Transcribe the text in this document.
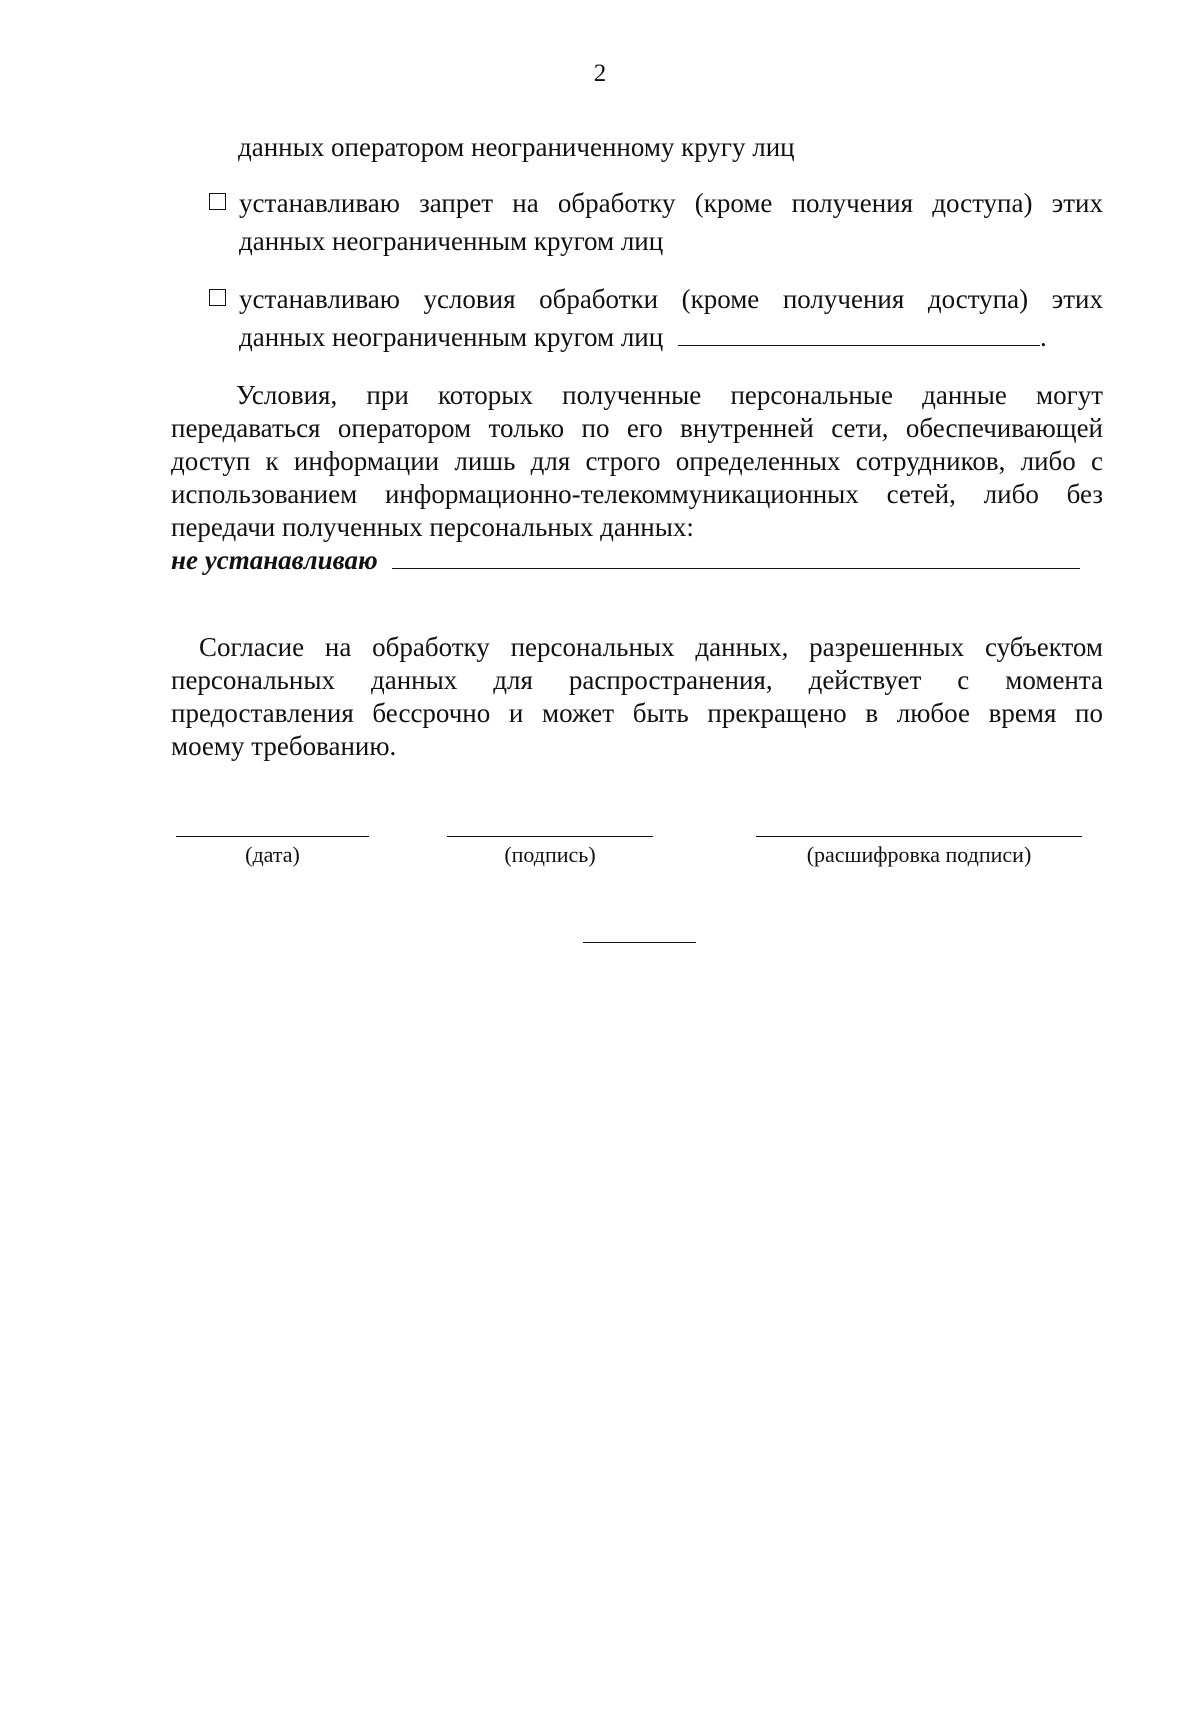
2
данных оператором неограниченному кругу лиц
устанавливаю запрет на обработку (кроме получения доступа) этих
данных неограниченным кругом лиц
устанавливаю условия обработки (кроме получения доступа) этих
данных неограниченным кругом лиц	.
Условия, при которых полученные персональные данные могут
передаваться оператором только по его внутренней сети, обеспечивающей
доступ к информации лишь для строго определенных сотрудников, либо с
использованием информационно-телекоммуникационных сетей, либо без
передачи полученных персональных данных:
не устанавливаю
Согласие на обработку персональных данных, разрешенных субъектом
персональных данных для распространения, действует с момента
предоставления бессрочно и может быть прекращено в любое время по
моему требованию.
(дата)	(подпись)	(расшифровка подписи)
